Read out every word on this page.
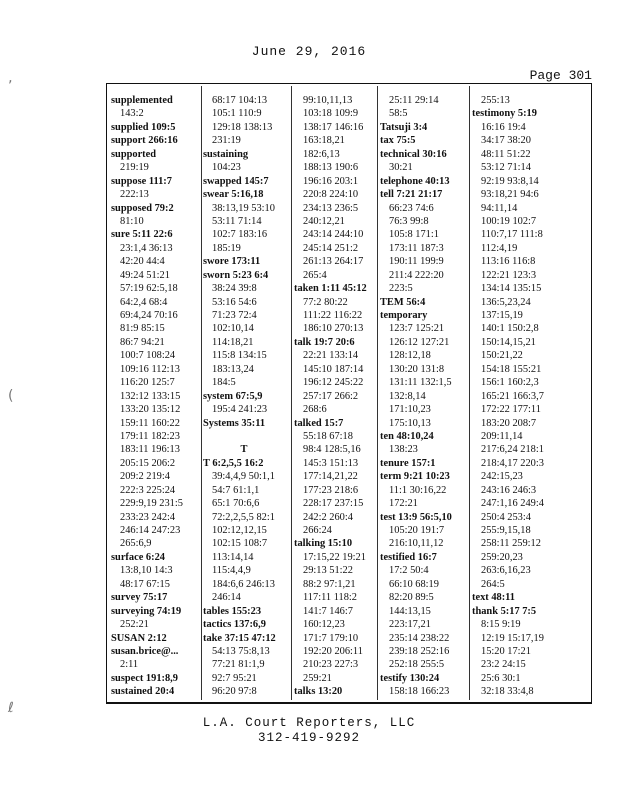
June 29, 2016
Page 301
‚
(
ℓ
supplemented
143:2
supplied 109:5
support 266:16
supported
219:19
suppose 111:7
222:13
supposed 79:2
81:10
sure 5:11 22:6
23:1,4 36:13
42:20 44:4
49:24 51:21
57:19 62:5,18
64:2,4 68:4
69:4,24 70:16
81:9 85:15
86:7 94:21
100:7 108:24
109:16 112:13
116:20 125:7
132:12 133:15
133:20 135:12
159:11 160:22
179:11 182:23
183:11 196:13
205:15 206:2
209:2 219:4
222:3 225:24
229:9,19 231:5
233:23 242:4
246:14 247:23
265:6,9
surface 6:24
13:8,10 14:3
48:17 67:15
survey 75:17
surveying 74:19
252:21
SUSAN 2:12
susan.brice@...
2:11
suspect 191:8,9
sustained 20:4
68:17 104:13
105:1 110:9
129:18 138:13
231:19
sustaining
104:23
swapped 145:7
swear 5:16,18
38:13,19 53:10
53:11 71:14
102:7 183:16
185:19
swore 173:11
sworn 5:23 6:4
38:24 39:8
53:16 54:6
71:23 72:4
102:10,14
114:18,21
115:8 134:15
183:13,24
184:5
system 67:5,9
195:4 241:23
Systems 35:11
T
T 6:2,5,5 16:2
39:4,4,9 50:1,1
54:7 61:1,1
65:1 70:6,6
72:2,2,5,5 82:1
102:12,12,15
102:15 108:7
113:14,14
115:4,4,9
184:6,6 246:13
246:14
tables 155:23
tactics 137:6,9
take 37:15 47:12
54:13 75:8,13
77:21 81:1,9
92:7 95:21
96:20 97:8
99:10,11,13
103:18 109:9
138:17 146:16
163:18,21
182:6,13
188:13 190:6
196:16 203:1
220:8 224:10
234:13 236:5
240:12,21
243:14 244:10
245:14 251:2
261:13 264:17
265:4
taken 1:11 45:12
77:2 80:22
111:22 116:22
186:10 270:13
talk 19:7 20:6
22:21 133:14
145:10 187:14
196:12 245:22
257:17 266:2
268:6
talked 15:7
55:18 67:18
98:4 128:5,16
145:3 151:13
177:14,21,22
177:23 218:6
228:17 237:15
242:2 260:4
266:24
talking 15:10
17:15,22 19:21
29:13 51:22
88:2 97:1,21
117:11 118:2
141:7 146:7
160:12,23
171:7 179:10
192:20 206:11
210:23 227:3
259:21
talks 13:20
25:11 29:14
58:5
Tatsuji 3:4
tax 75:5
technical 30:16
30:21
telephone 40:13
tell 7:21 21:17
66:23 74:6
76:3 99:8
105:8 171:1
173:11 187:3
190:11 199:9
211:4 222:20
223:5
TEM 56:4
temporary
123:7 125:21
126:12 127:21
128:12,18
130:20 131:8
131:11 132:1,5
132:8,14
171:10,23
175:10,13
ten 48:10,24
138:23
tenure 157:1
term 9:21 10:23
11:1 30:16,22
172:21
test 13:9 56:5,10
105:20 191:7
216:10,11,12
testified 16:7
17:2 50:4
66:10 68:19
82:20 89:5
144:13,15
223:17,21
235:14 238:22
239:18 252:16
252:18 255:5
testify 130:24
158:18 166:23
255:13
testimony 5:19
16:16 19:4
34:17 38:20
48:11 51:22
53:12 71:14
92:19 93:8,14
93:18,21 94:6
94:11,14
100:19 102:7
110:7,17 111:8
112:4,19
113:16 116:8
122:21 123:3
134:14 135:15
136:5,23,24
137:15,19
140:1 150:2,8
150:14,15,21
150:21,22
154:18 155:21
156:1 160:2,3
165:21 166:3,7
172:22 177:11
183:20 208:7
209:11,14
217:6,24 218:1
218:4,17 220:3
242:15,23
243:16 246:3
247:1,16 249:4
250:4 253:4
255:9,15,18
258:11 259:12
259:20,23
263:6,16,23
264:5
text 48:11
thank 5:17 7:5
8:15 9:19
12:19 15:17,19
15:20 17:21
23:2 24:15
25:6 30:1
32:18 33:4,8
L.A. Court Reporters, LLC
312-419-9292
